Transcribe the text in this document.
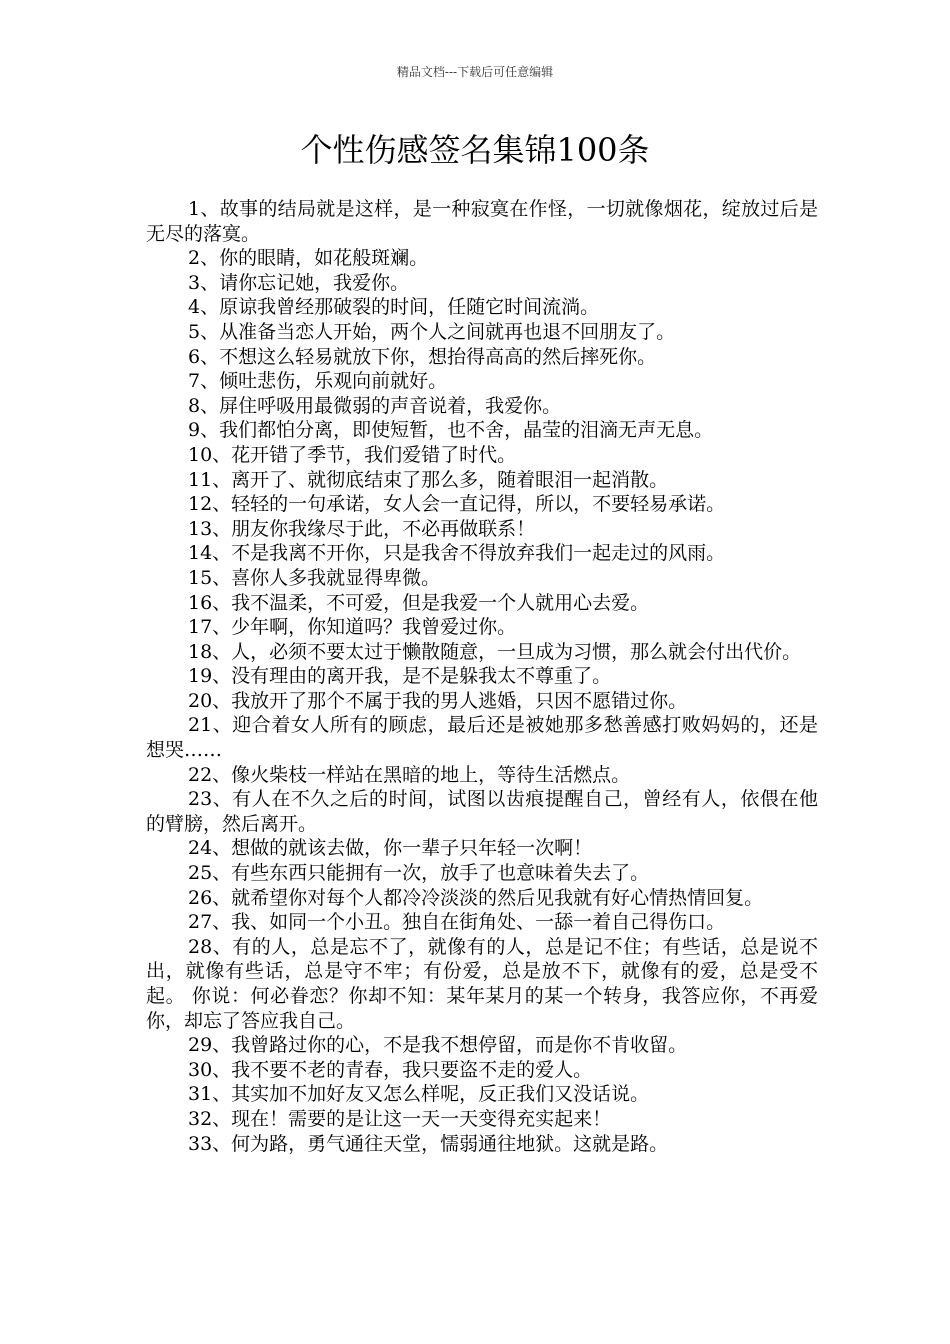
精品文档---下载后可任意编辑
个性伤感签名集锦100条

1、故事的结局就是这样，是一种寂寞在作怪，一切就像烟花，绽放过后是无尽的落寞。

2、你的眼睛，如花般斑斓。

3、请你忘记她，我爱你。

4、原谅我曾经那破裂的时间，任随它时间流淌。

5、从准备当恋人开始，两个人之间就再也退不回朋友了。

6、不想这么轻易就放下你，想抬得高高的然后摔死你。

7、倾吐悲伤，乐观向前就好。

8、屏住呼吸用最微弱的声音说着，我爱你。

9、我们都怕分离，即使短暂，也不舍，晶莹的泪滴无声无息。

10、花开错了季节，我们爱错了时代。

11、离开了、就彻底结束了那么多，随着眼泪一起消散。

12、轻轻的一句承诺，女人会一直记得，所以，不要轻易承诺。

13、朋友你我缘尽于此，不必再做联系！

14、不是我离不开你，只是我舍不得放弃我们一起走过的风雨。

15、喜你人多我就显得卑微。

16、我不温柔，不可爱，但是我爱一个人就用心去爱。

17、少年啊，你知道吗？我曾爱过你。

18、人，必须不要太过于懒散随意，一旦成为习惯，那么就会付出代价。

19、没有理由的离开我，是不是躲我太不尊重了。

20、我放开了那个不属于我的男人逃婚，只因不愿错过你。

21、迎合着女人所有的顾虑，最后还是被她那多愁善感打败妈妈的，还是想哭……

22、像火柴枝一样站在黑暗的地上，等待生活燃点。

23、有人在不久之后的时间，试图以齿痕提醒自己，曾经有人，依偎在他的臂膀，然后离开。

24、想做的就该去做，你一辈子只年轻一次啊！

25、有些东西只能拥有一次，放手了也意味着失去了。

26、就希望你对每个人都冷冷淡淡的然后见我就有好心情热情回复。

27、我、如同一个小丑。独自在街角处、一舔一着自己得伤口。

28、有的人，总是忘不了，就像有的人，总是记不住；有些话，总是说不出，就像有些话，总是守不牢；有份爱，总是放不下，就像有的爱，总是受不起。 你说：何必眷恋？你却不知：某年某月的某一个转身，我答应你，不再爱你，却忘了答应我自己。

29、我曾路过你的心，不是我不想停留，而是你不肯收留。

30、我不要不老的青春，我只要盗不走的爱人。

31、其实加不加好友又怎么样呢，反正我们又没话说。

32、现在！需要的是让这一天一天变得充实起来！

33、何为路，勇气通往天堂，懦弱通往地狱。这就是路。
